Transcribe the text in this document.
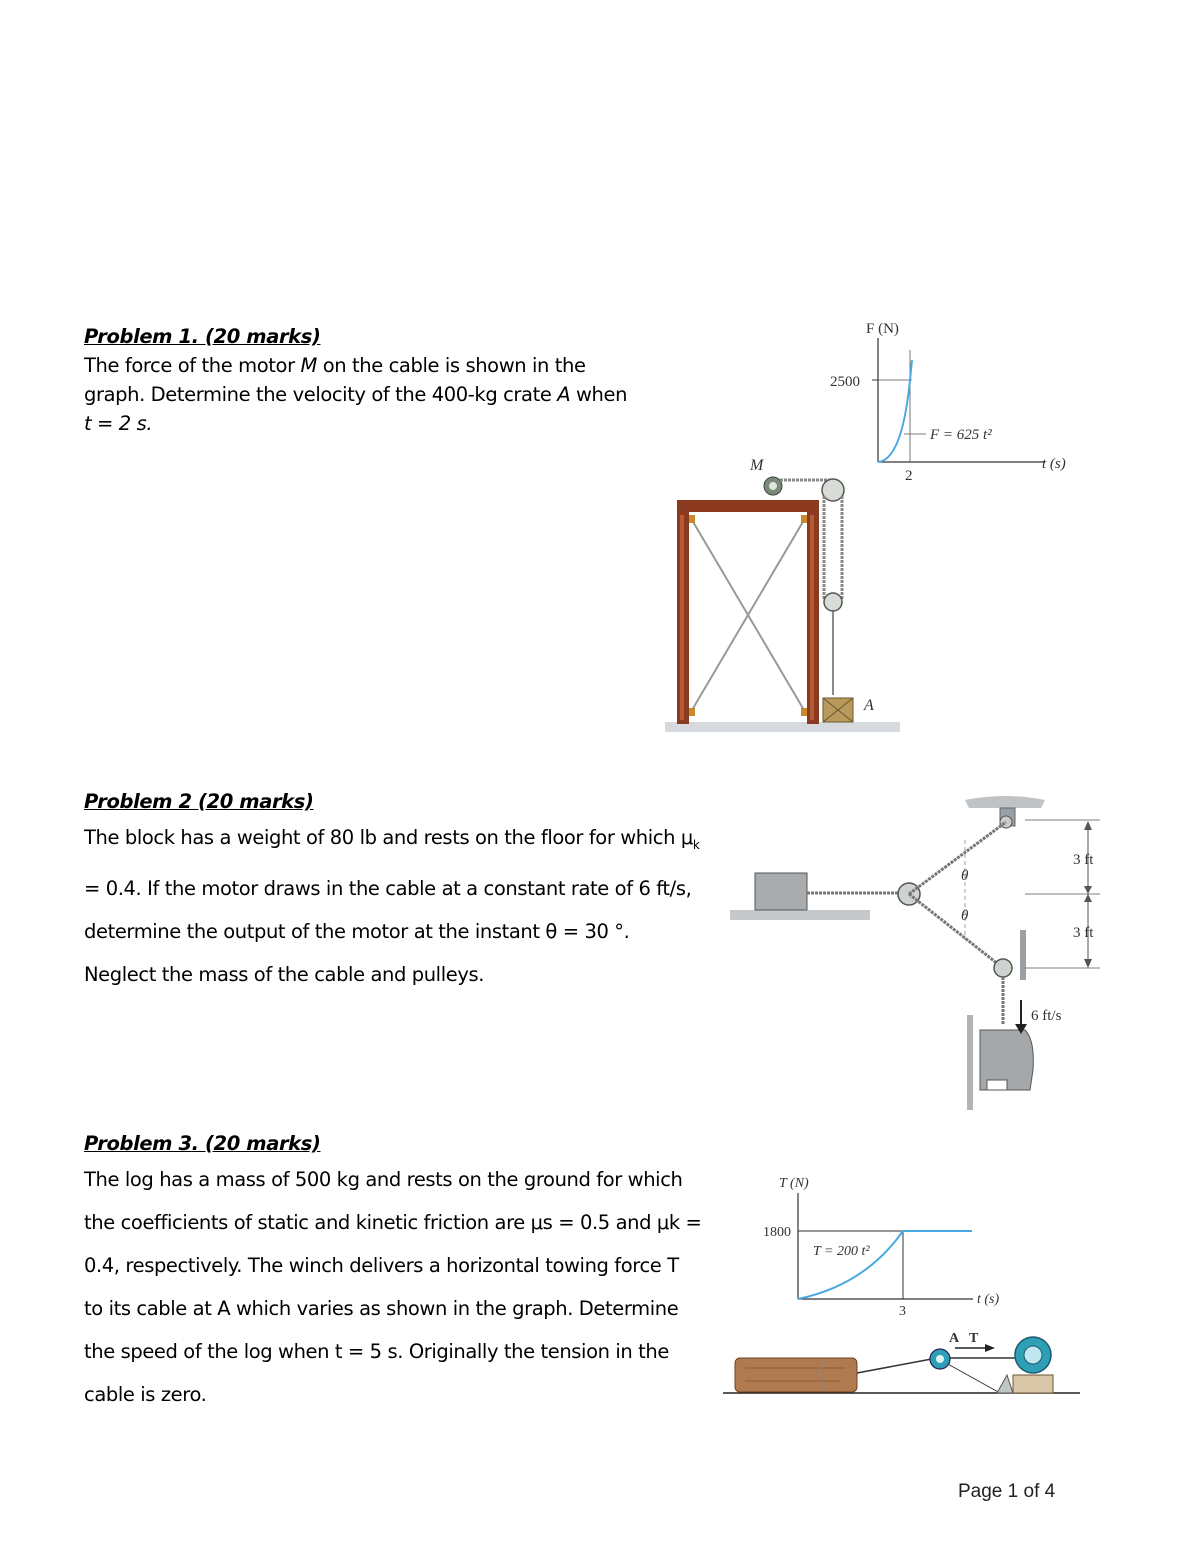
Problem 1. (20 marks)
The force of the motor M on the cable is shown in the
graph. Determine the velocity of the 400-kg crate A when
t = 2 s.
F (N)
2500
2
t (s)
F = 625 t²
M
A
Problem 2 (20 marks)
The block has a weight of 80 lb and rests on the floor for which $\mu_k$
= 0.4. If the motor draws in the cable at a constant rate of 6 ft/s,
determine the output of the motor at the instant θ = 30 °.
Neglect the mass of the cable and pulleys.
θ
θ
6 ft/s
3 ft
3 ft
Problem 3. (20 marks)
The log has a mass of 500 kg and rests on the ground for which
the coefficients of static and kinetic friction are μs = 0.5 and μk =
0.4, respectively. The winch delivers a horizontal towing force T
to its cable at A which varies as shown in the graph. Determine
the speed of the log when t = 5 s. Originally the tension in the
cable is zero.
T (N)
1800
3
t (s)
T = 200 t²
A T
Page 1 of 4
